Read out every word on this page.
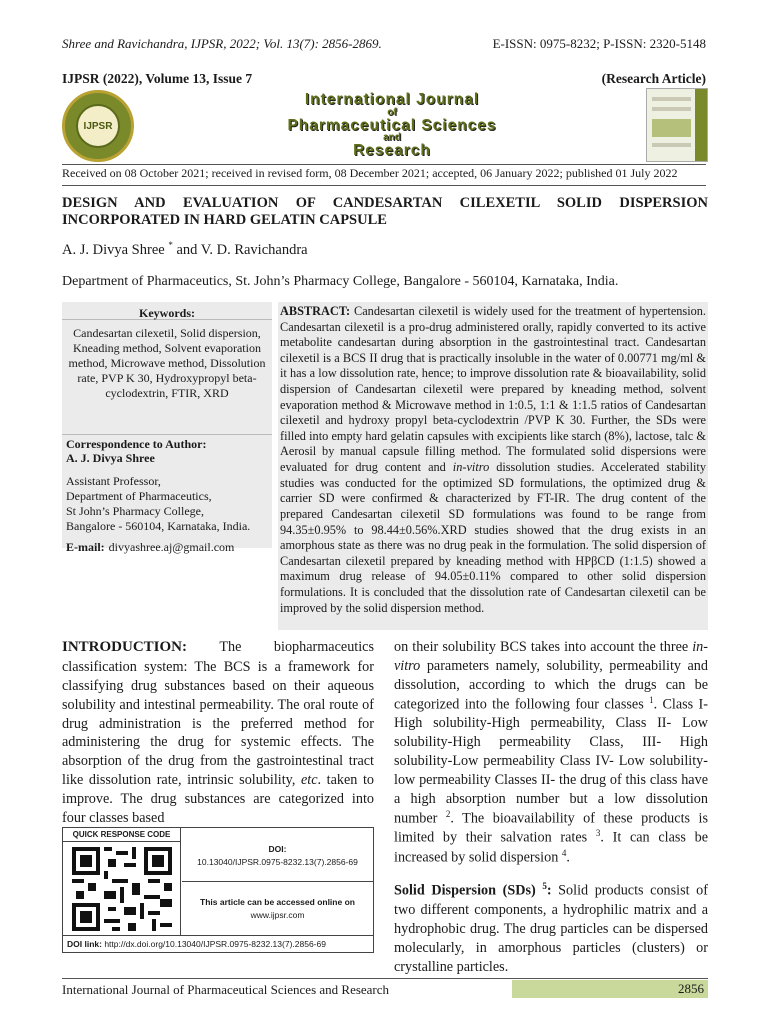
Shree and Ravichandra, IJPSR, 2022; Vol. 13(7): 2856-2869.	E-ISSN: 0975-8232; P-ISSN: 2320-5148
IJPSR (2022), Volume 13, Issue 7	(Research Article)
IJPSR
International Journal
of
Pharmaceutical Sciences
and
Research
Received on 08 October 2021; received in revised form, 08 December 2021; accepted, 06 January 2022; published 01 July 2022
DESIGN AND EVALUATION OF CANDESARTAN CILEXETIL SOLID DISPERSION INCORPORATED IN HARD GELATIN CAPSULE
A. J. Divya Shree * and V. D. Ravichandra
Department of Pharmaceutics, St. John’s Pharmacy College, Bangalore - 560104, Karnataka, India.
Keywords:
Candesartan cilexetil, Solid dispersion, Kneading method, Solvent evaporation method, Microwave method, Dissolution rate, PVP K 30, Hydroxypropyl beta-cyclodextrin, FTIR, XRD
Correspondence to Author:
A. J. Divya Shree
Assistant Professor,
Department of Pharmaceutics,
St John’s Pharmacy College,
Bangalore - 560104, Karnataka, India.
E-mail: divyashree.aj@gmail.com
ABSTRACT: Candesartan cilexetil is widely used for the treatment of hypertension. Candesartan cilexetil is a pro-drug administered orally, rapidly converted to its active metabolite candesartan during absorption in the gastrointestinal tract. Candesartan cilexetil is a BCS II drug that is practically insoluble in the water of 0.00771 mg/ml & it has a low dissolution rate, hence; to improve dissolution rate & bioavailability, solid dispersion of Candesartan cilexetil were prepared by kneading method, solvent evaporation method & Microwave method in 1:0.5, 1:1 & 1:1.5 ratios of Candesartan cilexetil and hydroxy propyl beta-cyclodextrin /PVP K 30. Further, the SDs were filled into empty hard gelatin capsules with excipients like starch (8%), lactose, talc & Aerosil by manual capsule filling method. The formulated solid dispersions were evaluated for drug content and in-vitro dissolution studies. Accelerated stability studies was conducted for the optimized SD formulations, the optimized drug & carrier SD were confirmed & characterized by FT-IR. The drug content of the prepared Candesartan cilexetil SD formulations was found to be range from 94.35±0.95% to 98.44±0.56%.XRD studies showed that the drug exists in an amorphous state as there was no drug peak in the formulation. The solid dispersion of Candesartan cilexetil prepared by kneading method with HPβCD (1:1.5) showed a maximum drug release of 94.05±0.11% compared to other solid dispersion formulations. It is concluded that the dissolution rate of Candesartan cilexetil can be improved by the solid dispersion method.
INTRODUCTION: The biopharmaceutics classification system: The BCS is a framework for classifying drug substances based on their aqueous solubility and intestinal permeability. The oral route of drug administration is the preferred method for administering the drug for systemic effects. The absorption of the drug from the gastrointestinal tract like dissolution rate, intrinsic solubility, etc. taken to improve. The drug substances are categorized into four classes based
QUICK RESPONSE CODE
DOI:
10.13040/IJPSR.0975-8232.13(7).2856-69
This article can be accessed online on
www.ijpsr.com
DOI link: http://dx.doi.org/10.13040/IJPSR.0975-8232.13(7).2856-69
on their solubility BCS takes into account the three in-vitro parameters namely, solubility, permeability and dissolution, according to which the drugs can be categorized into the following four classes $^1$. Class I- High solubility-High permeability, Class II- Low solubility-High permeability Class, III- High solubility-Low permeability Class IV- Low solubility-low permeability Classes II- the drug of this class have a high absorption number but a low dissolution number $^2$. The bioavailability of these products is limited by their salvation rates $^3$. It can class be increased by solid dispersion $^4$.
Solid Dispersion (SDs) $^5$: Solid products consist of two different components, a hydrophilic matrix and a hydrophobic drug. The drug particles can be dispersed molecularly, in amorphous particles (clusters) or crystalline particles.
International Journal of Pharmaceutical Sciences and Research	2856
